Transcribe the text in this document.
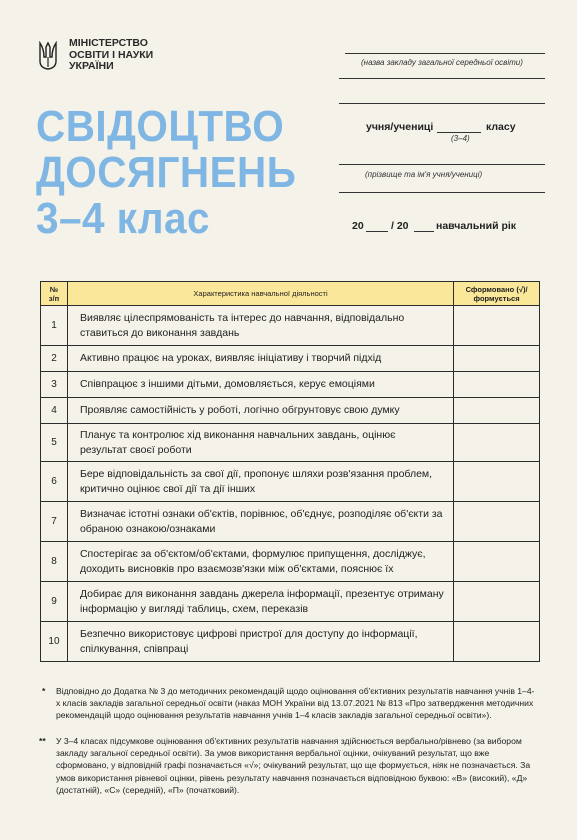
МІНІСТЕРСТВО
ОСВІТИ І НАУКИ
УКРАЇНИ
СВІДОЦТВО
ДОСЯГНЕНЬ
3–4 клас
(назва закладу загальної середньої освіти)
учня/учениці	класу
(3–4)
(прізвище та ім'я учня/учениці)
20	/ 20	навчальний рік
№
з/п	Характеристика навчальної діяльності	Сформовано (√)/
формується
1	Виявляє цілеспрямованість та інтерес до навчання, відповідально ставиться до виконання завдань	
2	Активно працює на уроках, виявляє ініціативу і творчий підхід	
3	Співпрацює з іншими дітьми, домовляється, керує емоціями	
4	Проявляє самостійність у роботі, логічно обгрунтовує свою думку	
5	Планує та контролює хід виконання навчальних завдань, оцінює результат своєї роботи	
6	Бере відповідальність за свої дії, пропонує шляхи розв'язання проблем, критично оцінює свої дії та дії інших	
7	Визначає істотні ознаки об'єктів, порівнює, об'єднує, розподіляє об'єкти за обраною ознакою/ознаками	
8	Спостерігає за об'єктом/об'єктами, формулює припущення, досліджує, доходить висновків про взаємозв'язки між об'єктами, пояснює їх	
9	Добирає для виконання завдань джерела інформації, презентує отриману інформацію у вигляді таблиць, схем, переказів	
10	Безпечно використовує цифрові пристрої для доступу до інформації, спілкування, співпраці	
* Відповідно до Додатка № 3 до методичних рекомендацій щодо оцінювання об'єктивних результатів навчання учнів 1–4-х класів закладів загальної середньої освіти (наказ МОН України від 13.07.2021 № 813 «Про затвердження методичних рекомендацій щодо оцінювання результатів навчання учнів 1–4 класів закладів загальної середньої освіти»).
** У 3–4 класах підсумкове оцінювання об'єктивних результатів навчання здійснюється вербально/рівнево (за вибором закладу загальної середньої освіти). За умов використання вербальної оцінки, очікуваний результат, що вже сформовано, у відповідній графі позначається «√»; очікуваний результат, що ще формується, ніяк не позначається. За умов використання рівневої оцінки, рівень результату навчання позначається відповідною буквою: «В» (високий), «Д» (достатній), «С» (середній), «П» (початковий).
